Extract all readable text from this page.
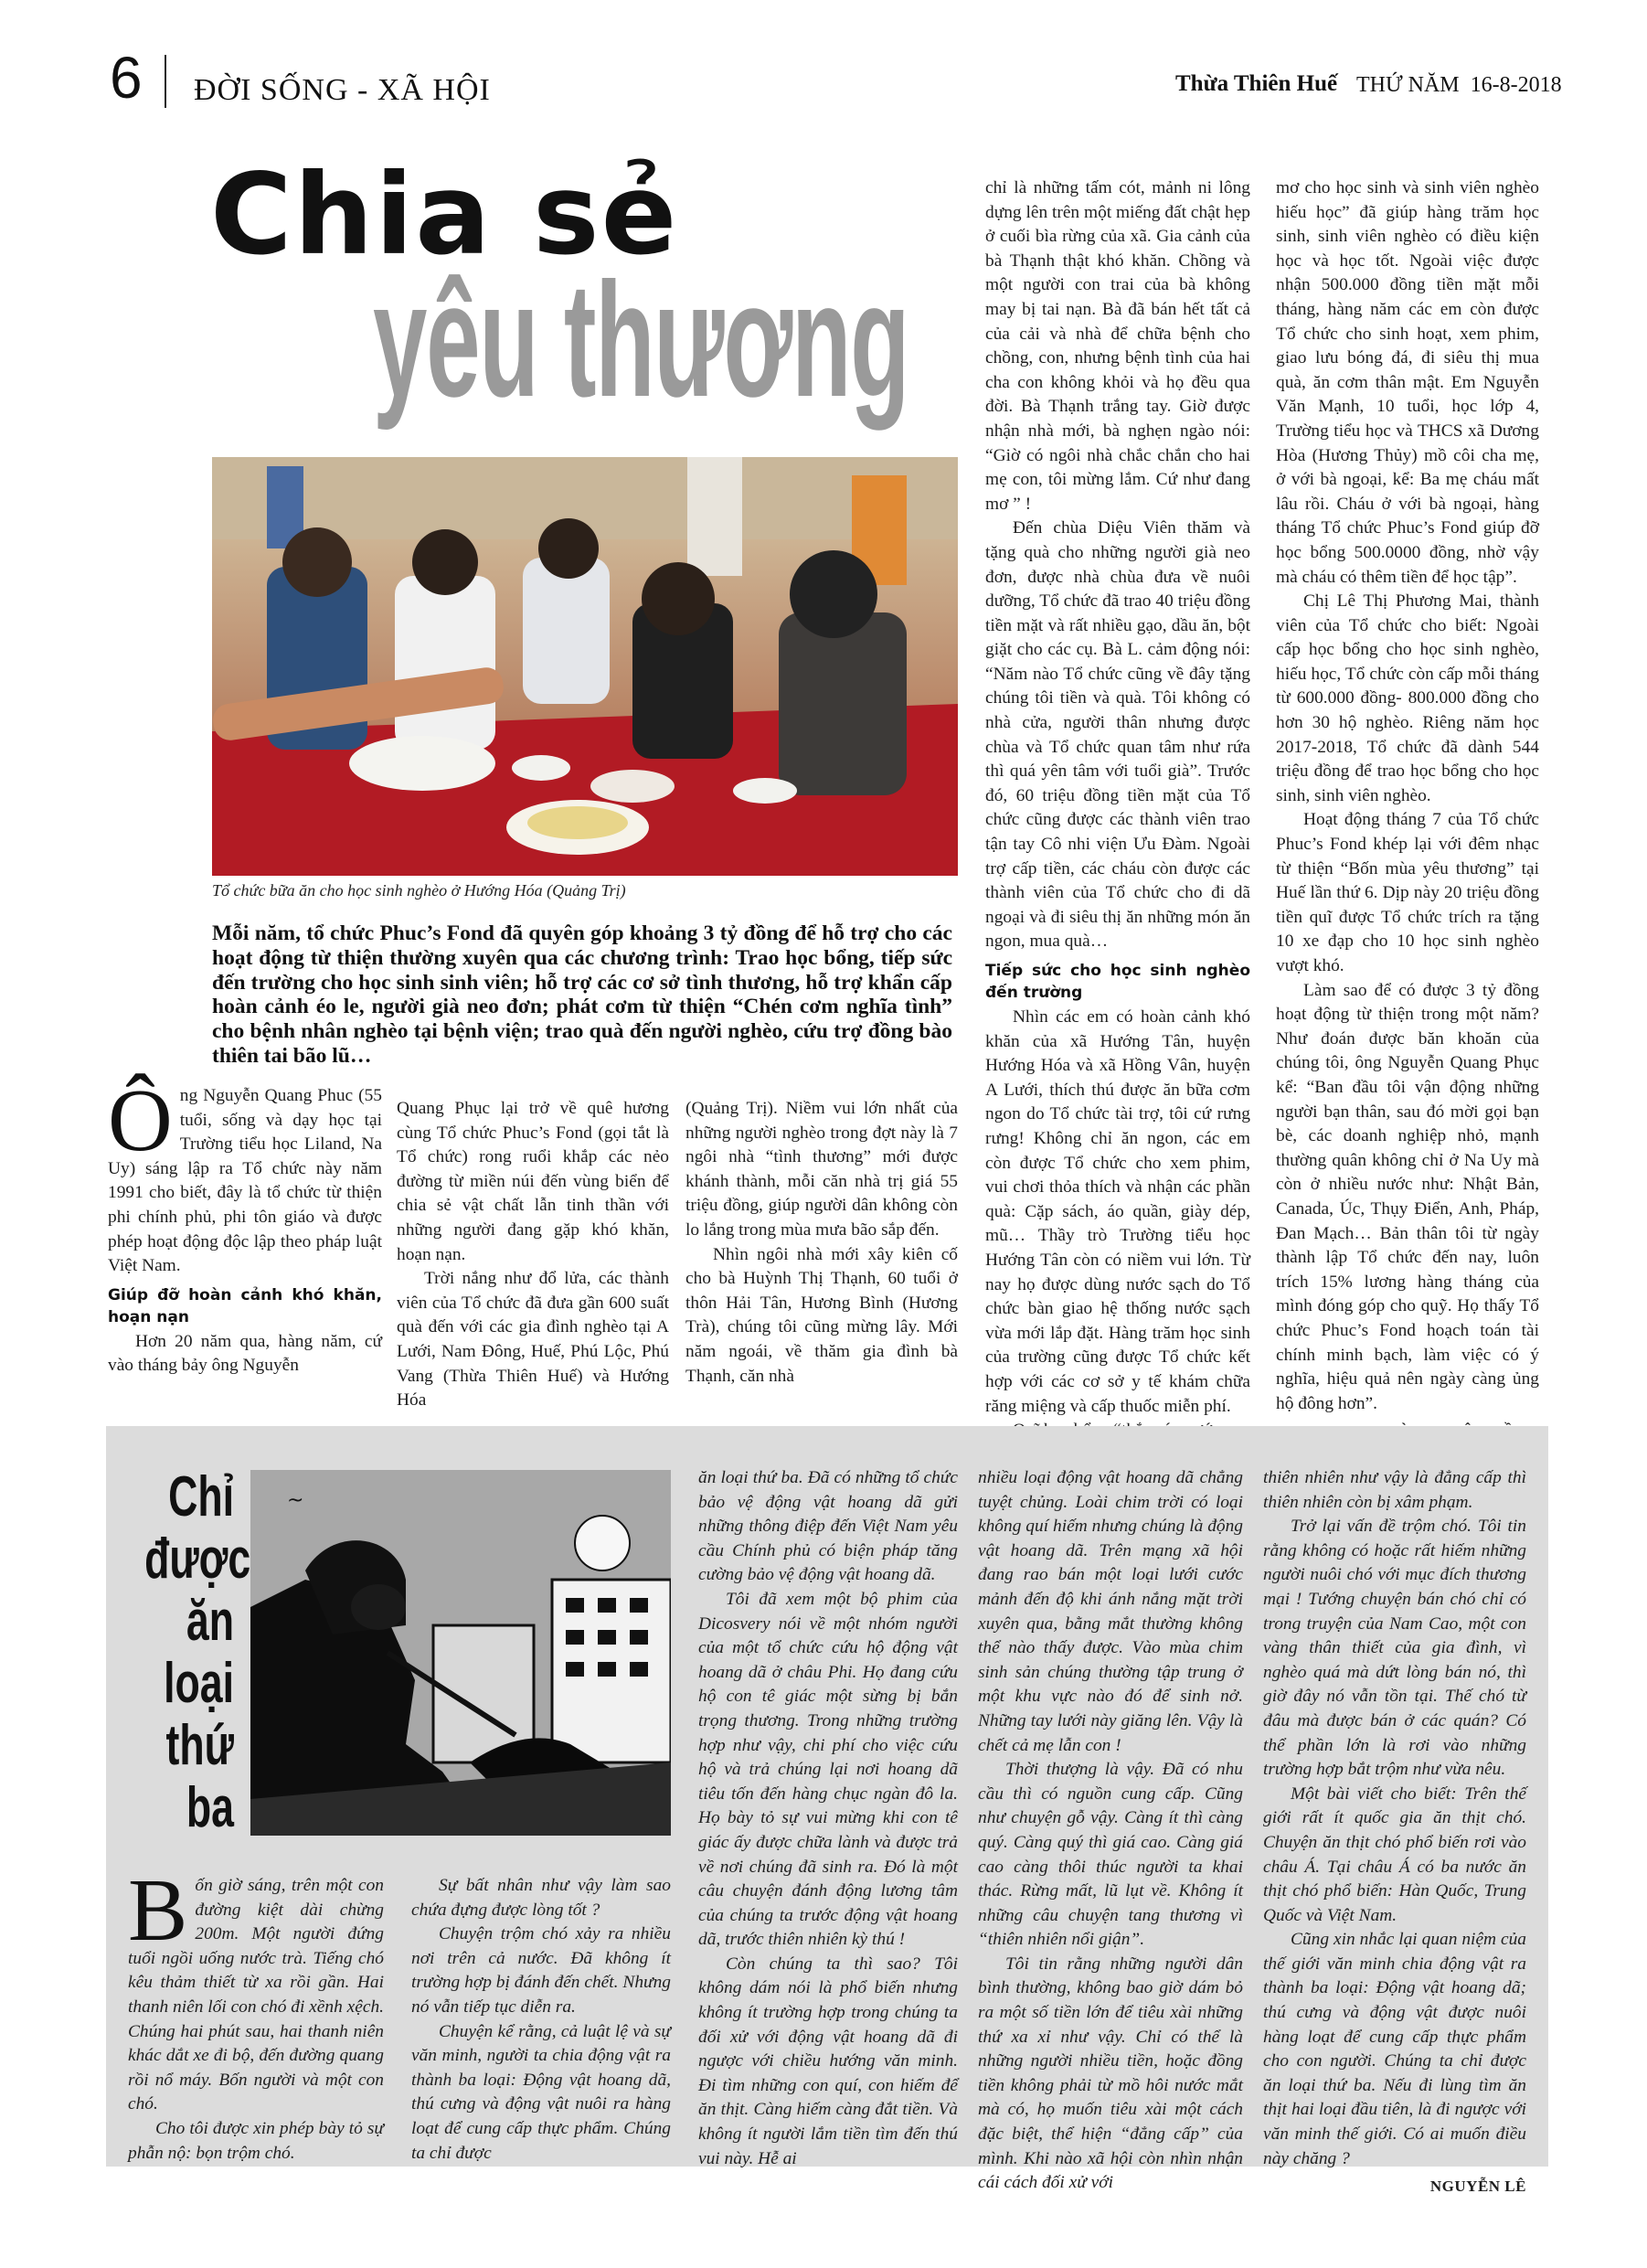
6 ĐỜI SỐNG - XÃ HỘI	Thừa Thiên Huế THỨ NĂM  16-8-2018
Chia sẻ
yêu thương
Tổ chức bữa ăn cho học sinh nghèo ở Hướng Hóa (Quảng Trị)
Mỗi năm, tổ chức Phuc’s Fond đã quyên góp khoảng 3 tỷ đồng để hỗ trợ cho các hoạt động từ thiện thường xuyên qua các chương trình: Trao học bổng, tiếp sức đến trường cho học sinh sinh viên; hỗ trợ các cơ sở tình thương, hỗ trợ khẩn cấp hoàn cảnh éo le, người già neo đơn; phát cơm từ thiện “Chén cơm nghĩa tình” cho bệnh nhân nghèo tại bệnh viện; trao quà đến người nghèo, cứu trợ đồng bào thiên tai bão lũ…
Ô ng Nguyễn Quang Phuc (55 tuổi, sống và dạy học tại Trường tiểu học Liland, Na Uy) sáng lập ra Tổ chức này năm 1991 cho biết, đây là tổ chức từ thiện phi chính phủ, phi tôn giáo và được phép hoạt động độc lập theo pháp luật Việt Nam.

Giúp đỡ hoàn cảnh khó khăn, hoạn nạn

Hơn 20 năm qua, hàng năm, cứ vào tháng bảy ông Nguyễn

Quang Phục lại trở về quê hương cùng Tổ chức Phuc’s Fond (gọi tắt là Tổ chức) rong ruổi khắp các nẻo đường từ miền núi đến vùng biển để chia sẻ vật chất lẫn tinh thần với những người đang gặp khó khăn, hoạn nạn.

Trời nắng như đổ lửa, các thành viên của Tổ chức đã đưa gần 600 suất quà đến với các gia đình nghèo tại A Lưới, Nam Đông, Huế, Phú Lộc, Phú Vang (Thừa Thiên Huế) và Hướng Hóa

(Quảng Trị). Niềm vui lớn nhất của những người nghèo trong đợt này là 7 ngôi nhà “tình thương” mới được khánh thành, mỗi căn nhà trị giá 55 triệu đồng, giúp người dân không còn lo lắng trong mùa mưa bão sắp đến.

Nhìn ngôi nhà mới xây kiên cố cho bà Huỳnh Thị Thạnh, 60 tuổi ở thôn Hải Tân, Hương Bình (Hương Trà), chúng tôi cũng mừng lây. Mới năm ngoái, về thăm gia đình bà Thạnh, căn nhà

chỉ là những tấm cót, mảnh ni lông dựng lên trên một miếng đất chật hẹp ở cuối bìa rừng của xã. Gia cảnh của bà Thạnh thật khó khăn. Chồng và một người con trai của bà không may bị tai nạn. Bà đã bán hết tất cả của cải và nhà để chữa bệnh cho chồng, con, nhưng bệnh tình của hai cha con không khỏi và họ đều qua đời. Bà Thạnh trắng tay. Giờ được nhận nhà mới, bà nghẹn ngào nói: “Giờ có ngôi nhà chắc chắn cho hai mẹ con, tôi mừng lắm. Cứ như đang mơ ” !

Đến chùa Diệu Viên thăm và tặng quà cho những người già neo đơn, được nhà chùa đưa về nuôi dưỡng, Tổ chức đã trao 40 triệu đồng tiền mặt và rất nhiều gạo, dầu ăn, bột giặt cho các cụ. Bà L. cảm động nói: “Năm nào Tổ chức cũng về đây tặng chúng tôi tiền và quà. Tôi không có nhà cửa, người thân nhưng được chùa và Tổ chức quan tâm như rứa thì quá yên tâm với tuổi già”. Trước đó, 60 triệu đồng tiền mặt của Tổ chức cũng được các thành viên trao tận tay Cô nhi viện Ưu Đàm. Ngoài trợ cấp tiền, các cháu còn được các thành viên của Tổ chức cho đi dã ngoại và đi siêu thị ăn những món ăn ngon, mua quà…

Tiếp sức cho học sinh nghèo đến trường

Nhìn các em có hoàn cảnh khó khăn của xã Hướng Tân, huyện Hướng Hóa và xã Hồng Vân, huyện A Lưới, thích thú được ăn bữa cơm ngon do Tổ chức tài trợ, tôi cứ rưng rưng! Không chỉ ăn ngon, các em còn được Tổ chức cho xem phim, vui chơi thỏa thích và nhận các phần quà: Cặp sách, áo quần, giày dép, mũ… Thầy trò Trường tiểu học Hướng Tân còn có niềm vui lớn. Từ nay họ được dùng nước sạch do Tổ chức bàn giao hệ thống nước sạch vừa mới lắp đặt. Hàng trăm học sinh của trường cũng được Tổ chức kết hợp với các cơ sở y tế khám chữa răng miệng và cấp thuốc miễn phí.

mơ cho học sinh và sinh viên nghèo hiếu học” đã giúp hàng trăm học sinh, sinh viên nghèo có điều kiện học và học tốt. Ngoài việc được nhận 500.000 đồng tiền mặt mỗi tháng, hàng năm các em còn được Tổ chức cho sinh hoạt, xem phim, giao lưu bóng đá, đi siêu thị mua quà, ăn cơm thân mật. Em Nguyễn Văn Mạnh, 10 tuổi, học lớp 4, Trường tiểu học và THCS xã Dương Hòa (Hương Thủy) mồ côi cha mẹ, ở với bà ngoại, kể: Ba mẹ cháu mất lâu rồi. Cháu ở với bà ngoại, hàng tháng Tổ chức Phuc’s Fond giúp đỡ học bổng 500.0000 đồng, nhờ vậy mà cháu có thêm tiền để học tập”.

Chị Lê Thị Phương Mai, thành viên của Tổ chức cho biết: Ngoài cấp học bổng cho học sinh nghèo, hiếu học, Tổ chức còn cấp mỗi tháng từ 600.000 đồng- 800.000 đồng cho hơn 30 hộ nghèo. Riêng năm học 2017-2018, Tổ chức đã dành 544 triệu đồng để trao học bổng cho học sinh, sinh viên nghèo.

Hoạt động tháng 7 của Tổ chức Phuc’s Fond khép lại với đêm nhạc từ thiện “Bốn mùa yêu thương” tại Huế lần thứ 6. Dịp này 20 triệu đồng tiền quĩ được Tổ chức trích ra tặng 10 xe đạp cho 10 học sinh nghèo vượt khó.

Làm sao để có được 3 tỷ đồng hoạt động từ thiện trong một năm? Như đoán được băn khoăn của chúng tôi, ông Nguyễn Quang Phục kể: “Ban đầu tôi vận động những người bạn thân, sau đó mời gọi bạn bè, các doanh nghiệp nhỏ, mạnh thường quân không chỉ ở Na Uy mà còn ở nhiều nước như: Nhật Bản, Canada, Úc, Thụy Điển, Anh, Pháp, Đan Mạch… Bản thân tôi từ ngày thành lập Tổ chức đến nay, luôn trích 15% lương hàng tháng của mình đóng góp cho quỹ. Họ thấy Tổ chức Phuc’s Fond hoạch toán tài chính minh bạch, làm việc có ý nghĩa, hiệu quả nên ngày càng ủng hộ đông hơn”.

Chỉ
được
ăn
loại
thứ
ba
~
B ốn giờ sáng, trên một con đường kiệt dài chừng 200m. Một người đứng tuổi ngồi uống nước trà. Tiếng chó kêu thảm thiết từ xa rồi gần. Hai thanh niên lối con chó đi xềnh xệch. Chúng hai phút sau, hai thanh niên khác dắt xe đi bộ, đến đường quang rồi nổ máy. Bốn người và một con chó.

Cho tôi được xin phép bày tỏ sự phẫn nộ: bọn trộm chó.

Sự bất nhân như vậy làm sao chứa đựng được lòng tốt ?

Chuyện trộm chó xảy ra nhiều nơi trên cả nước. Đã không ít trường hợp bị đánh đến chết. Nhưng nó vẫn tiếp tục diễn ra.

Chuyện kể rằng, cả luật lệ và sự văn minh, người ta chia động vật ra thành ba loại: Động vật hoang dã, thú cưng và động vật nuôi ra hàng loạt để cung cấp thực phẩm. Chúng ta chỉ được

ăn loại thứ ba. Đã có những tổ chức bảo vệ động vật hoang dã gửi những thông điệp đến Việt Nam yêu cầu Chính phủ có biện pháp tăng cường bảo vệ động vật hoang dã.

Tôi đã xem một bộ phim của Dicosvery nói về một nhóm người của một tổ chức cứu hộ động vật hoang dã ở châu Phi. Họ đang cứu hộ con tê giác một sừng bị bắn trọng thương. Trong những trường hợp như vậy, chi phí cho việc cứu hộ và trả chúng lại nơi hoang dã tiêu tốn đến hàng chục ngàn đô la. Họ bày tỏ sự vui mừng khi con tê giác ấy được chữa lành và được trả về nơi chúng đã sinh ra. Đó là một câu chuyện đánh động lương tâm của chúng ta trước động vật hoang dã, trước thiên nhiên kỳ thú !

Còn chúng ta thì sao? Tôi không dám nói là phổ biến nhưng không ít trường hợp trong chúng ta đối xử với động vật hoang dã đi ngược với chiều hướng văn minh. Đi tìm những con quí, con hiếm để ăn thịt. Càng hiếm càng đắt tiền. Và không ít người lắm tiền tìm đến thú vui này. Hễ ai

nhiều loại động vật hoang dã chẳng tuyệt chủng. Loài chim trời có loại không quí hiếm nhưng chúng là động vật hoang dã. Trên mạng xã hội đang rao bán một loại lưới cước mảnh đến độ khi ánh nắng mặt trời xuyên qua, bằng mắt thường không thể nào thấy được. Vào mùa chim sinh sản chúng thường tập trung ở một khu vực nào đó để sinh nở. Những tay lưới này giăng lên. Vậy là chết cả mẹ lẫn con !

Thời thượng là vậy. Đã có nhu cầu thì có nguồn cung cấp. Cũng như chuyện gỗ vậy. Càng ít thì càng quý. Càng quý thì giá cao. Càng giá cao càng thôi thúc người ta khai thác. Rừng mất, lũ lụt về. Không ít những câu chuyện tang thương vì “thiên nhiên nổi giận”.

Tôi tin rằng những người dân bình thường, không bao giờ dám bỏ ra một số tiền lớn để tiêu xài những thứ xa xỉ như vậy. Chỉ có thể là những người nhiều tiền, hoặc đồng tiền không phải từ mồ hôi nước mắt mà có, họ muốn tiêu xài một cách đặc biệt, thể hiện “đẳng cấp” của mình. Khi nào xã hội còn nhìn nhận cái cách đối xử với

thiên nhiên như vậy là đẳng cấp thì thiên nhiên còn bị xâm phạm.

Trở lại vấn đề trộm chó. Tôi tin rằng không có hoặc rất hiếm những người nuôi chó với mục đích thương mại ! Tướng chuyện bán chó chỉ có trong truyện của Nam Cao, một con vàng thân thiết của gia đình, vì nghèo quá mà dứt lòng bán nó, thì giờ đây nó vẫn tồn tại. Thế chó từ đâu mà được bán ở các quán? Có thể phần lớn là rơi vào những trường hợp bắt trộm như vừa nêu.

Một bài viết cho biết: Trên thế giới rất ít quốc gia ăn thịt chó. Chuyện ăn thịt chó phổ biến rơi vào châu Á. Tại châu Á có ba nước ăn thịt chó phổ biến: Hàn Quốc, Trung Quốc và Việt Nam.

Cũng xin nhắc lại quan niệm của thế giới văn minh chia động vật ra thành ba loại: Động vật hoang dã; thú cưng và động vật được nuôi hàng loạt để cung cấp thực phẩm cho con người. Chúng ta chỉ được ăn loại thứ ba. Nếu đi lùng tìm ăn thịt hai loại đầu tiên, là đi ngược với văn minh thế giới. Có ai muốn điều này chăng ?

NGUYỄN LÊ
